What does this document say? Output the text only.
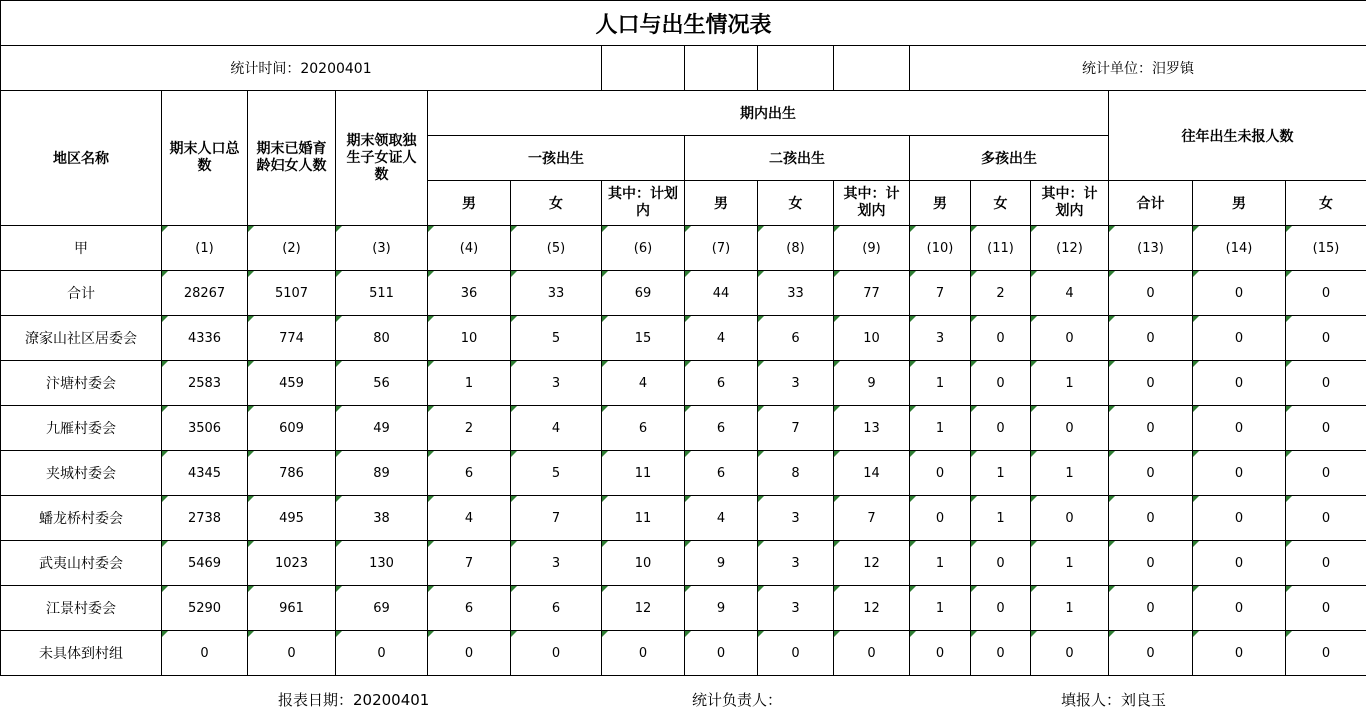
人口与出生情况表															
统计时间：20200401										统计单位：汨罗镇					
地区名称	期末人口总数	期末已婚育龄妇女人数	期末领取独生子女证人数	期内出生									往年出生未报人数		
				一孩出生			二孩出生			多孩出生					
				男	女	其中：计划内	男	女	其中：计划内	男	女	其中：计划内	合计	男	女
甲	(1)	(2)	(3)	(4)	(5)	(6)	(7)	(8)	(9)	(10)	(11)	(12)	(13)	(14)	(15)

合计	28267	5107	511	36	33	69	44	33	77	7	2	4	0	0	0

潦家山社区居委会	4336	774	80	10	5	15	4	6	10	3	0	0	0	0	0

汴塘村委会	2583	459	56	1	3	4	6	3	9	1	0	1	0	0	0

九雁村委会	3506	609	49	2	4	6	6	7	13	1	0	0	0	0	0

夹城村委会	4345	786	89	6	5	11	6	8	14	0	1	1	0	0	0

蟠龙桥村委会	2738	495	38	4	7	11	4	3	7	0	1	0	0	0	0

武夷山村委会	5469	1023	130	7	3	10	9	3	12	1	0	1	0	0	0

江景村委会	5290	961	69	6	6	12	9	3	12	1	0	1	0	0	0

未具体到村组	0	0	0	0	0	0	0	0	0	0	0	0	0	0	0
报表日期：20200401	统计负责人：	填报人：刘良玉
